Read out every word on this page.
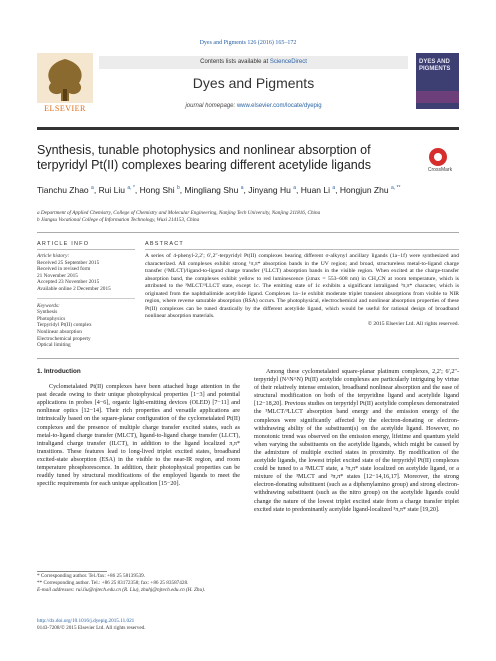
Dyes and Pigments 126 (2016) 165–172
ELSEVIER
Contents lists available at ScienceDirect
Dyes and Pigments
journal homepage: www.elsevier.com/locate/dyepig
DYES AND PIGMENTS
Synthesis, tunable photophysics and nonlinear absorption of terpyridyl Pt(II) complexes bearing different acetylide ligands	CrossMark
Tianchu Zhao $^a$, Rui Liu $^{a, *}$, Hong Shi $^b$, Mingliang Shu $^a$, Jinyang Hu $^a$, Huan Li $^a$, Hongjun Zhu $^{a, **}$
a Department of Applied Chemistry, College of Chemistry and Molecular Engineering, Nanjing Tech University, Nanjing 211816, China
b Jiangsu Vocational College of Information Technology, Wuxi 214153, China
ARTICLE INFO	ABSTRACT
Article history:
Received 25 September 2015
Received in revised form
21 November 2015
Accepted 23 November 2015
Available online 2 December 2015
Keywords:
Synthesis
Photophysics
Terpyridyl Pt(II) complex
Nonlinear absorption
Electrochemical property
Optical limiting
A series of 4-phenyl-2,2′; 6′,2″-terpyridyl Pt(II) complexes bearing different σ-alkynyl ancillary ligands (1a−1f) were synthesized and characterized. All complexes exhibit strong ¹π,π* absorption bands in the UV region; and broad, structureless metal-to-ligand charge transfer (¹MLCT)/ligand-to-ligand charge transfer (¹LLCT) absorption bands in the visible region. When excited at the charge-transfer absorption band, the complexes exhibit yellow to red luminescence (λmax = 553–608 nm) in CH₂CN at room temperature, which is attributed to the ³MLCT/³LLCT state, except 1c. The emitting state of 1c exhibits a significant intraligand ³π,π* character, which is originated from the naphthalimide acetylide ligand. Complexes 1a−1e exhibit moderate triplet transient absorptions from visible to NIR region, where reverse saturable absorption (RSA) occurs. The photophysical, electrochemical and nonlinear absorption properties of these Pt(II) complexes can be tuned drastically by the different acetylide ligand, which would be useful for rational design of broadband nonlinear absorption materials.
© 2015 Elsevier Ltd. All rights reserved.

1. Introduction

Cyclometalated Pt(II) complexes have been attached huge attention in the past decade owing to their unique photophysical properties [1−3] and potential applications in probes [4−6], organic light-emitting devices (OLED) [7−11] and nonlinear optics [12−14]. Their rich properties and versatile applications are intrinsically based on the square-planar configuration of the cyclometalated Pt(II) complexes and the presence of multiple charge transfer excited states, such as metal-to-ligand charge transfer (MLCT), ligand-to-ligand charge transfer (LLCT), intraligand charge transfer (ILCT), in addition to the ligand localized π,π* transitions. These features lead to long-lived triplet excited states, broadband excited-state absorption (ESA) in the visible to the near-IR region, and room temperature phosphorescence. In addition, their photophysical properties can be readily tuned by structural modifications of the employed ligands to meet the specific requirements for each unique application [15−20].

Among these cyclometalated square-planar platinum complexes, 2,2′; 6′,2″-terpyridyl (N^N^N) Pt(II) acetylide complexes are particularly intriguing by virtue of their relatively intense emission, broadband nonlinear absorption and the ease of structural modification on both of the terpyridine ligand and acetylide ligand [12−18,20]. Previous studies on terpyridyl Pt(II) acetylide complexes demonstrated the ³MLCT/³LLCT absorption band energy and the emission energy of the complexes were significantly affected by the electron-donating or electron-withdrawing ability of the substituent(s) on the acetylide ligand. However, no monotonic trend was observed on the emission energy, lifetime and quantum yield when varying the substituents on the acetylide ligands, which might be caused by the admixture of multiple excited states in proximity. By modification of the acetylide ligands, the lowest triplet excited state of the terpyridyl Pt(II) complexes could be tuned to a ³MLCT state, a ³π,π* state localized on acetylide ligand, or a mixture of the ³MLCT and ³π,π* states [12−14,16,17]. Moreover, the strong electron-donating substituent (such as a diphenylamino group) and strong electron-withdrawing substituent (such as the nitro group) on the acetylide ligands could change the nature of the lowest triplet excited state from a charge transfer triplet excited state to predominantly acetylide ligand-localized ³π,π* state [19,20].

* Corresponding author. Tel./fax: +86 25 58139539.
** Corresponding author. Tel.: +86 25 83172358; fax: +86 25 83587428.
E-mail addresses: rui.liu@njtech.edu.cn (R. Liu), zhuhj@njtech.edu.cn (H. Zhu).
http://dx.doi.org/10.1016/j.dyepig.2015.11.021
0143-7208/© 2015 Elsevier Ltd. All rights reserved.
